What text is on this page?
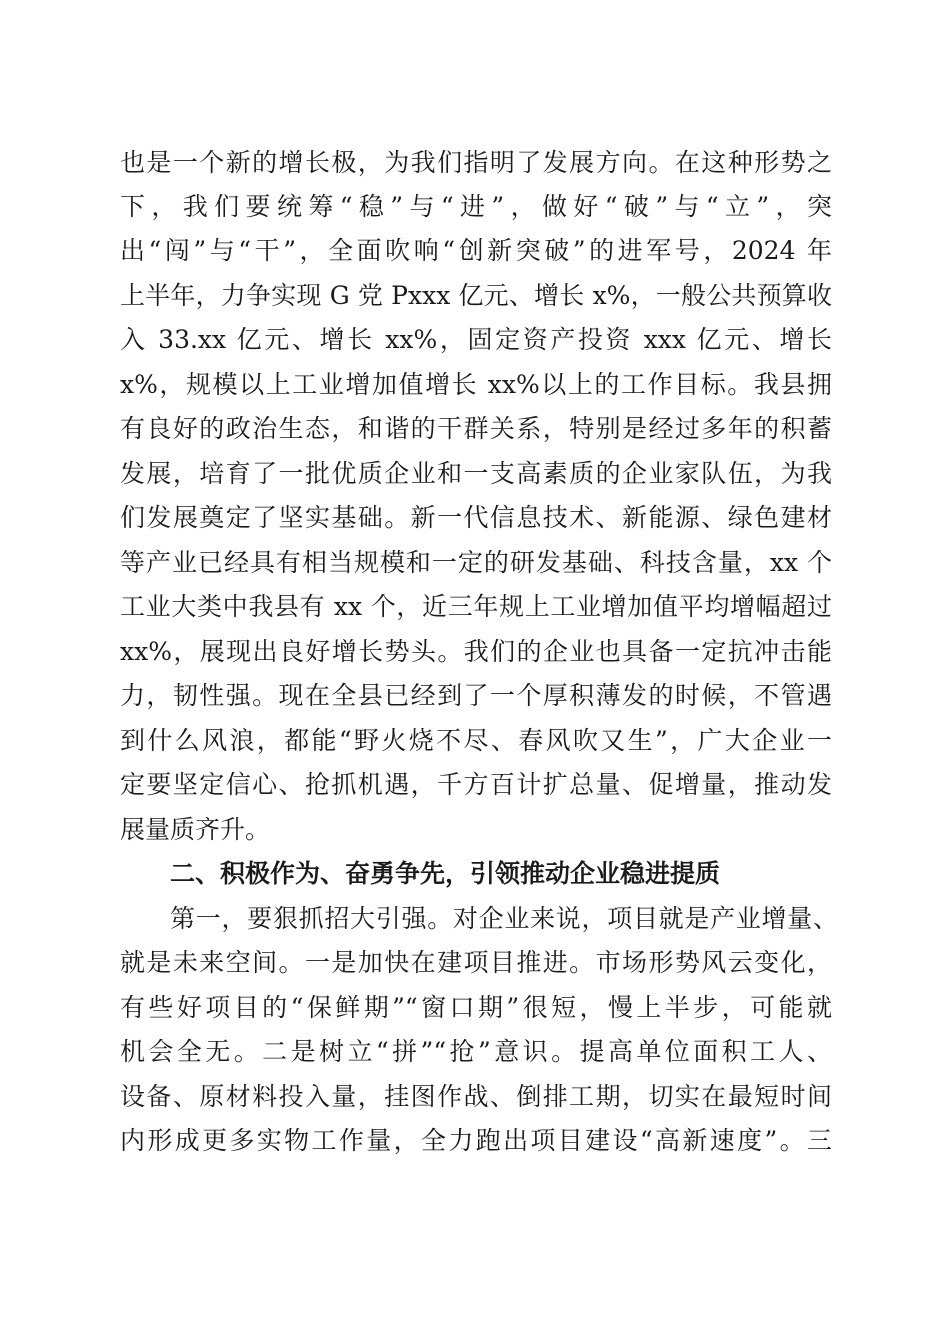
也是一个新的增长极，为我们指明了发展方向。在这种形势之
下，我们要统筹“稳”与“进”，做好“破”与“立”，突
出“闯”与“干”，全面吹响“创新突破”的进军号，2024 年
上半年，力争实现 G 党 Pxxx 亿元、增长 x%，一般公共预算收
入 33.xx 亿元、增长 xx%，固定资产投资 xxx 亿元、增长
x%，规模以上工业增加值增长 xx%以上的工作目标。我县拥
有良好的政治生态，和谐的干群关系，特别是经过多年的积蓄
发展，培育了一批优质企业和一支高素质的企业家队伍，为我
们发展奠定了坚实基础。新一代信息技术、新能源、绿色建材
等产业已经具有相当规模和一定的研发基础、科技含量，xx 个
工业大类中我县有 xx 个，近三年规上工业增加值平均增幅超过
xx%，展现出良好增长势头。我们的企业也具备一定抗冲击能
力，韧性强。现在全县已经到了一个厚积薄发的时候，不管遇
到什么风浪，都能“野火烧不尽、春风吹又生”，广大企业一
定要坚定信心、抢抓机遇，千方百计扩总量、促增量，推动发
展量质齐升。
二、积极作为、奋勇争先，引领推动企业稳进提质
第一，要狠抓招大引强。对企业来说，项目就是产业增量、
就是未来空间。一是加快在建项目推进。市场形势风云变化，
有些好项目的“保鲜期”“窗口期”很短，慢上半步，可能就
机会全无。二是树立“拼”“抢”意识。提高单位面积工人、
设备、原材料投入量，挂图作战、倒排工期，切实在最短时间
内形成更多实物工作量，全力跑出项目建设“高新速度”。三
